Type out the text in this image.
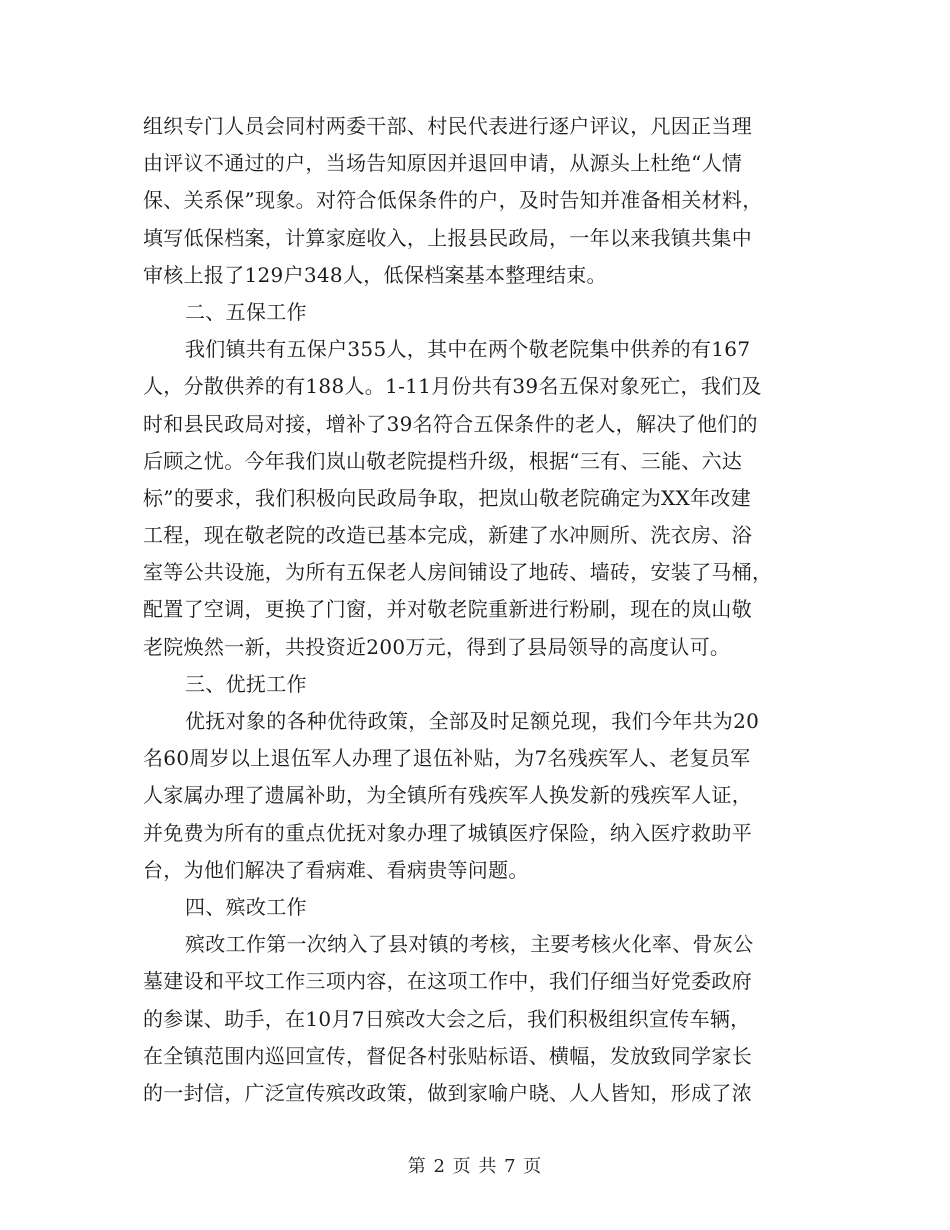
组织专门人员会同村两委干部、村民代表进行逐户评议，凡因正当理
由评议不通过的户，当场告知原因并退回申请，从源头上杜绝“人情
保、关系保”现象。对符合低保条件的户，及时告知并准备相关材料，
填写低保档案，计算家庭收入，上报县民政局，一年以来我镇共集中
审核上报了129户348人，低保档案基本整理结束。
二、五保工作
我们镇共有五保户355人，其中在两个敬老院集中供养的有167
人，分散供养的有188人。1-11月份共有39名五保对象死亡，我们及
时和县民政局对接，增补了39名符合五保条件的老人，解决了他们的
后顾之忧。今年我们岚山敬老院提档升级，根据“三有、三能、六达
标”的要求，我们积极向民政局争取，把岚山敬老院确定为XX年改建
工程，现在敬老院的改造已基本完成，新建了水冲厕所、洗衣房、浴
室等公共设施，为所有五保老人房间铺设了地砖、墙砖，安装了马桶，
配置了空调，更换了门窗，并对敬老院重新进行粉刷，现在的岚山敬
老院焕然一新，共投资近200万元，得到了县局领导的高度认可。
三、优抚工作
优抚对象的各种优待政策，全部及时足额兑现，我们今年共为20
名60周岁以上退伍军人办理了退伍补贴，为7名残疾军人、老复员军
人家属办理了遗属补助，为全镇所有残疾军人换发新的残疾军人证，
并免费为所有的重点优抚对象办理了城镇医疗保险，纳入医疗救助平
台，为他们解决了看病难、看病贵等问题。
四、殡改工作
殡改工作第一次纳入了县对镇的考核，主要考核火化率、骨灰公
墓建设和平坟工作三项内容，在这项工作中，我们仔细当好党委政府
的参谋、助手，在10月7日殡改大会之后，我们积极组织宣传车辆，
在全镇范围内巡回宣传，督促各村张贴标语、横幅，发放致同学家长
的一封信，广泛宣传殡改政策，做到家喻户晓、人人皆知，形成了浓
第 2 页 共 7 页
